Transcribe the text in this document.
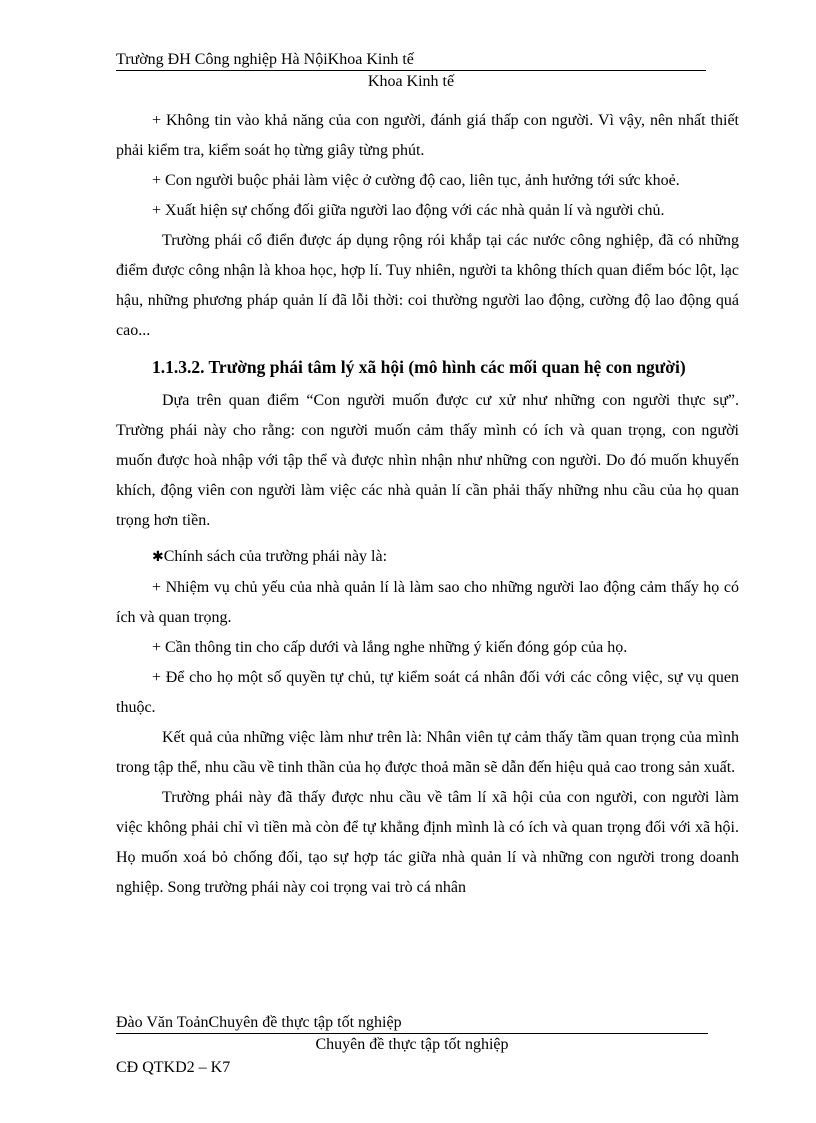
Trường ĐH Công nghiệp Hà NộiKhoa Kinh tế
Khoa Kinh tế

+ Không tin vào khả năng của con người, đánh giá thấp con người. Vì vậy, nên nhất thiết phải kiểm tra, kiểm soát họ từng giây từng phút.

+ Con người buộc phải làm việc ở cường độ cao, liên tục, ảnh hưởng tới sức khoẻ.

+ Xuất hiện sự chống đối giữa người lao động với các nhà quản lí và người chủ.

Trường phái cổ điển được áp dụng rộng rói khắp tại các nước công nghiệp, đã có những điểm được công nhận là khoa học, hợp lí. Tuy nhiên, người ta không thích quan điểm bóc lột, lạc hậu, những phương pháp quản lí đã lỗi thời: coi thường người lao động, cường độ lao động quá cao...

1.1.3.2. Trường phái tâm lý xã hội (mô hình các mối quan hệ con người)

Dựa trên quan điểm “Con người muốn được cư xử như những con người thực sự”. Trường phái này cho rằng: con người muốn cảm thấy mình có ích và quan trọng, con người muốn được hoà nhập với tập thể và được nhìn nhận như những con người. Do đó muốn khuyến khích, động viên con người làm việc các nhà quản lí cần phải thấy những nhu cầu của họ quan trọng hơn tiền.

✱Chính sách của trường phái này là:

+ Nhiệm vụ chủ yếu của nhà quản lí là làm sao cho những người lao động cảm thấy họ có ích và quan trọng.

+ Cần thông tin cho cấp dưới và lắng nghe những ý kiến đóng góp của họ.

+ Để cho họ một số quyền tự chủ, tự kiểm soát cá nhân đối với các công việc, sự vụ quen thuộc.

Kết quả của những việc làm như trên là: Nhân viên tự cảm thấy tầm quan trọng của mình trong tập thể, nhu cầu về tinh thần của họ được thoả mãn sẽ dẫn đến hiệu quả cao trong sản xuất.

Trường phái này đã thấy được nhu cầu về tâm lí xã hội của con người, con người làm việc không phải chỉ vì tiền mà còn để tự khẳng định mình là có ích và quan trọng đối với xã hội. Họ muốn xoá bỏ chống đối, tạo sự hợp tác giữa nhà quản lí và những con người trong doanh nghiệp. Song trường phái này coi trọng vai trò cá nhân

Đào Văn ToảnChuyên đề thực tập tốt nghiệp
Chuyên đề thực tập tốt nghiệp
CĐ QTKD2 – K7
